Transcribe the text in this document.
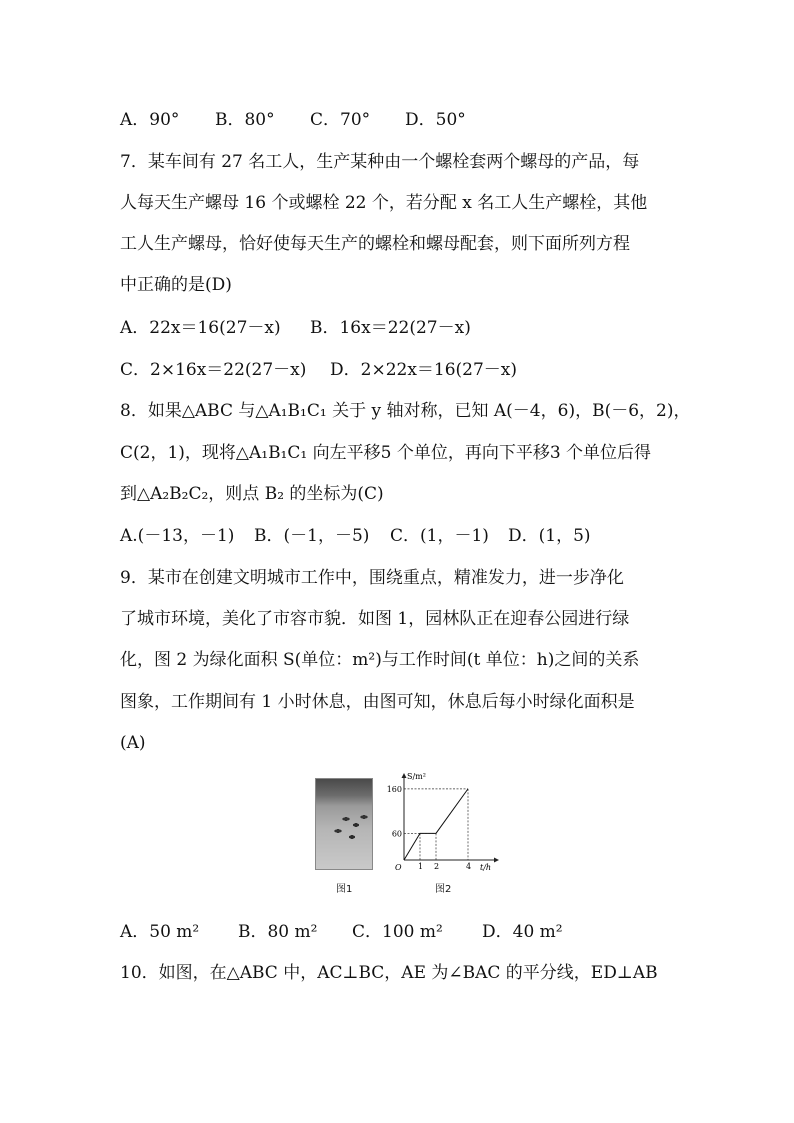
A．90° B．80° C．70° D．50°
7．某车间有 27 名工人，生产某种由一个螺栓套两个螺母的产品，每
人每天生产螺母 16 个或螺栓 22 个，若分配 x 名工人生产螺栓，其他
工人生产螺母，恰好使每天生产的螺栓和螺母配套，则下面所列方程
中正确的是(D)
A．22x＝16(27－x) B．16x＝22(27－x)
C．2×16x＝22(27－x) D．2×22x＝16(27－x)
8．如果△ABC 与△A₁B₁C₁ 关于 y 轴对称，已知 A(－4，6)，B(－6，2)，
C(2，1)，现将△A₁B₁C₁ 向左平移5 个单位，再向下平移3 个单位后得
到△A₂B₂C₂，则点 B₂ 的坐标为(C)
A.(－13，－1) B．(－1，－5) C．(1，－1) D．(1，5)
9．某市在创建文明城市工作中，围绕重点，精准发力，进一步净化
了城市环境，美化了市容市貌．如图 1，园林队正在迎春公园进行绿
化，图 2 为绿化面积 S(单位：m²)与工作时间(t 单位：h)之间的关系
图象，工作期间有 1 小时休息，由图可知，休息后每小时绿化面积是
(A)
图1
S/m²
t/h
O 1 2	4
60
160
图2
A．50 m² B．80 m² C．100 m² D．40 m²
10．如图，在△ABC 中，AC⊥BC，AE 为∠BAC 的平分线，ED⊥AB
